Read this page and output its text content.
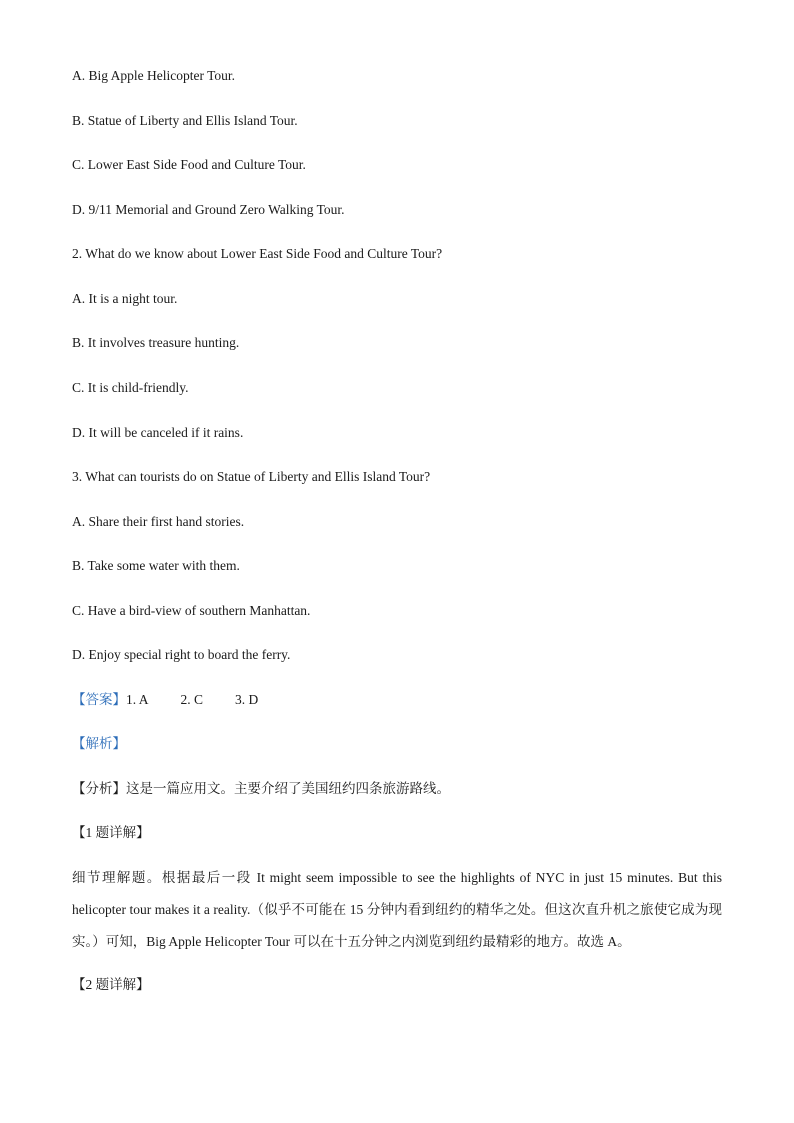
A. Big Apple Helicopter Tour.
B. Statue of Liberty and Ellis Island Tour.
C. Lower East Side Food and Culture Tour.
D. 9/11 Memorial and Ground Zero Walking Tour.
2. What do we know about Lower East Side Food and Culture Tour?
A. It is a night tour.
B. It involves treasure hunting.
C. It is child-friendly.
D. It will be canceled if it rains.
3. What can tourists do on Statue of Liberty and Ellis Island Tour?
A. Share their first hand stories.
B. Take some water with them.
C. Have a bird-view of southern Manhattan.
D. Enjoy special right to board the ferry.
【答案】1. A 2. C 3. D
【解析】
【分析】这是一篇应用文。主要介绍了美国纽约四条旅游路线。
【1 题详解】
细节理解题。根据最后一段 It might seem impossible to see the highlights of NYC in just 15 minutes. But this helicopter tour makes it a reality.（似乎不可能在 15 分钟内看到纽约的精华之处。但这次直升机之旅使它成为现实。）可知，Big Apple Helicopter Tour 可以在十五分钟之内浏览到纽约最精彩的地方。故选 A。
【2 题详解】
